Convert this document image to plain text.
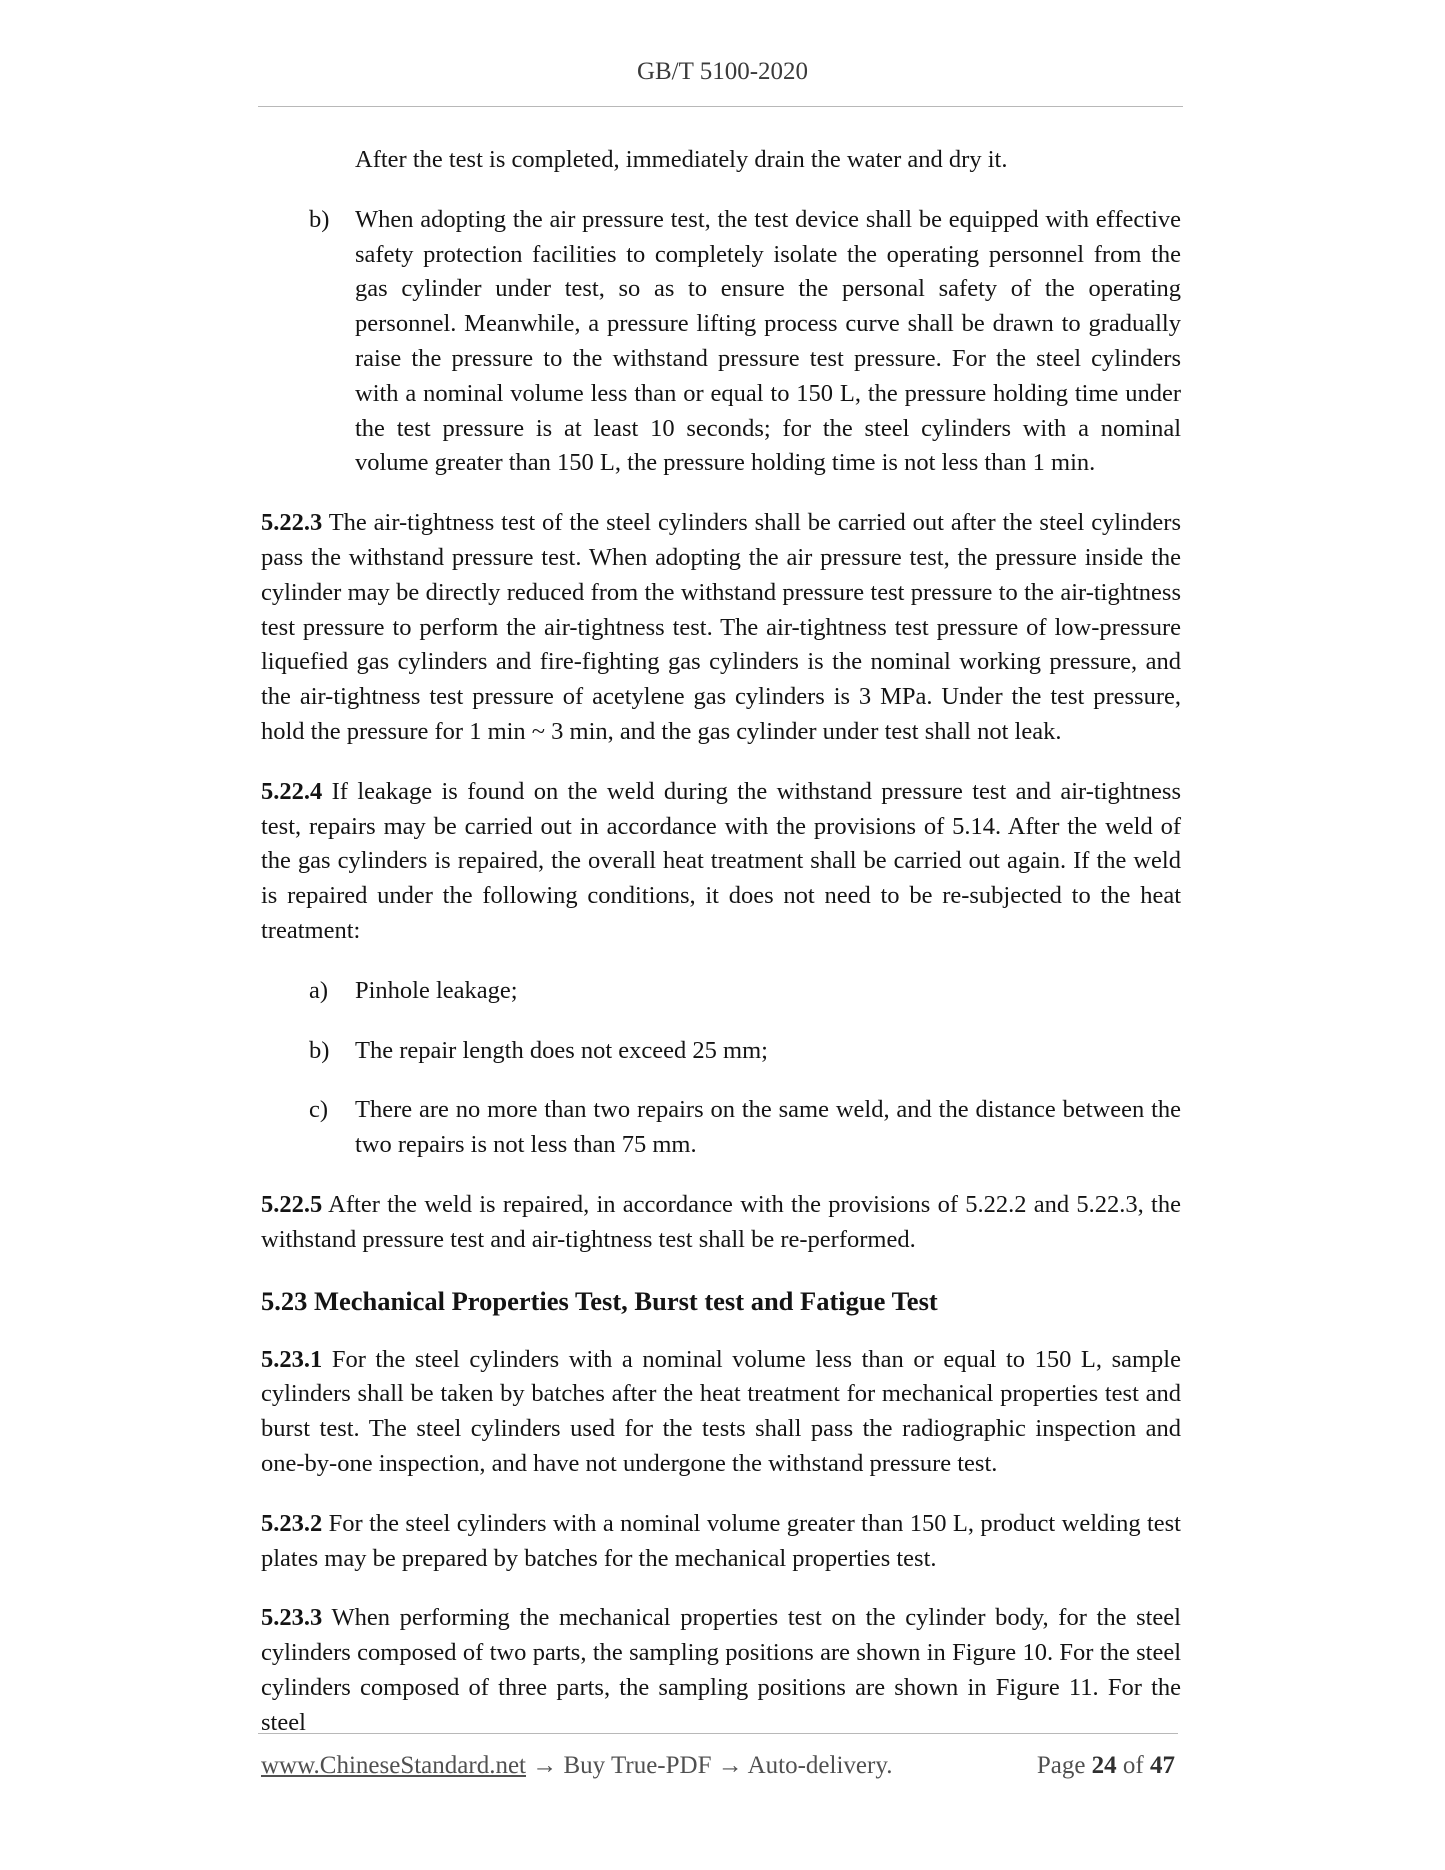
GB/T 5100-2020

After the test is completed, immediately drain the water and dry it.

b) When adopting the air pressure test, the test device shall be equipped with effective safety protection facilities to completely isolate the operating personnel from the gas cylinder under test, so as to ensure the personal safety of the operating personnel. Meanwhile, a pressure lifting process curve shall be drawn to gradually raise the pressure to the withstand pressure test pressure. For the steel cylinders with a nominal volume less than or equal to 150 L, the pressure holding time under the test pressure is at least 10 seconds; for the steel cylinders with a nominal volume greater than 150 L, the pressure holding time is not less than 1 min.

5.22.3 The air-tightness test of the steel cylinders shall be carried out after the steel cylinders pass the withstand pressure test. When adopting the air pressure test, the pressure inside the cylinder may be directly reduced from the withstand pressure test pressure to the air-tightness test pressure to perform the air-tightness test. The air-tightness test pressure of low-pressure liquefied gas cylinders and fire-fighting gas cylinders is the nominal working pressure, and the air-tightness test pressure of acetylene gas cylinders is 3 MPa. Under the test pressure, hold the pressure for 1 min ~ 3 min, and the gas cylinder under test shall not leak.

5.22.4 If leakage is found on the weld during the withstand pressure test and air-tightness test, repairs may be carried out in accordance with the provisions of 5.14. After the weld of the gas cylinders is repaired, the overall heat treatment shall be carried out again. If the weld is repaired under the following conditions, it does not need to be re-subjected to the heat treatment:

a) Pinhole leakage;
b) The repair length does not exceed 25 mm;
c) There are no more than two repairs on the same weld, and the distance between the two repairs is not less than 75 mm.

5.22.5 After the weld is repaired, in accordance with the provisions of 5.22.2 and 5.22.3, the withstand pressure test and air-tightness test shall be re-performed.

5.23 Mechanical Properties Test, Burst test and Fatigue Test

5.23.1 For the steel cylinders with a nominal volume less than or equal to 150 L, sample cylinders shall be taken by batches after the heat treatment for mechanical properties test and burst test. The steel cylinders used for the tests shall pass the radiographic inspection and one-by-one inspection, and have not undergone the withstand pressure test.

5.23.2 For the steel cylinders with a nominal volume greater than 150 L, product welding test plates may be prepared by batches for the mechanical properties test.

5.23.3 When performing the mechanical properties test on the cylinder body, for the steel cylinders composed of two parts, the sampling positions are shown in Figure 10. For the steel cylinders composed of three parts, the sampling positions are shown in Figure 11. For the steel

www.ChineseStandard.net → Buy True-PDF → Auto-delivery.	Page 24 of 47
